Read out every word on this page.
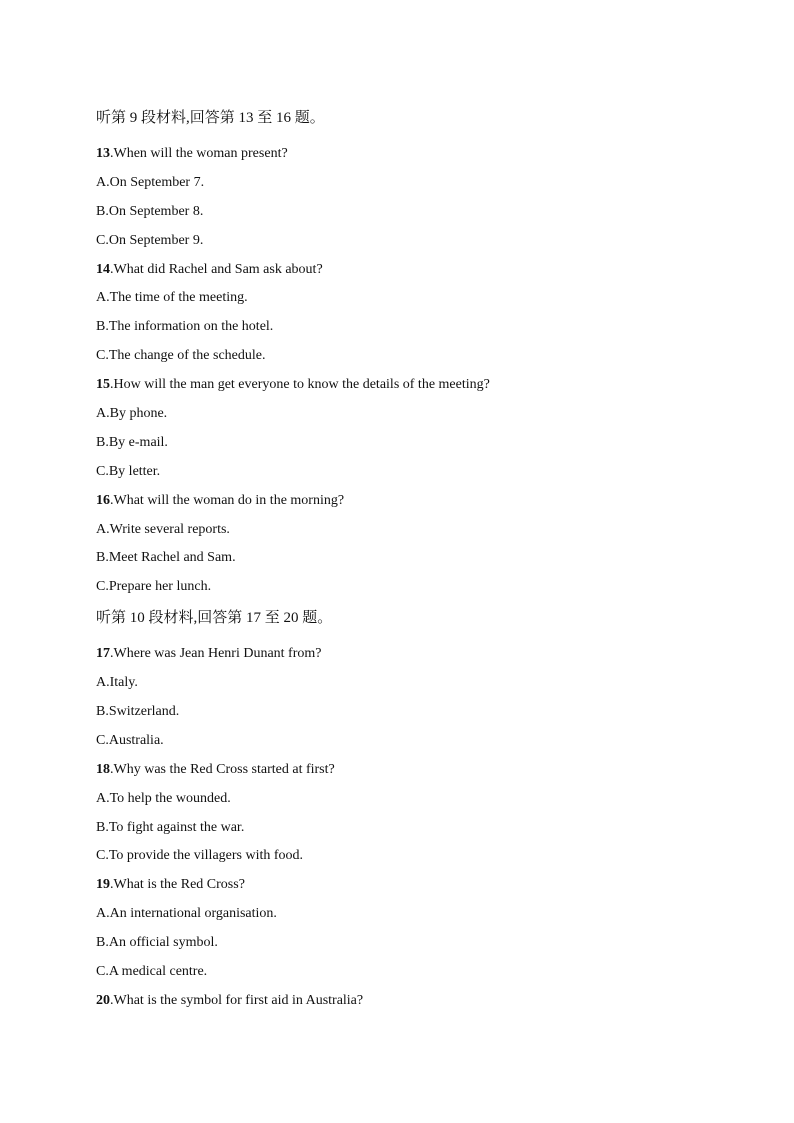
听第 9 段材料,回答第 13 至 16 题。
13.When will the woman present?
A.On September 7.
B.On September 8.
C.On September 9.
14.What did Rachel and Sam ask about?
A.The time of the meeting.
B.The information on the hotel.
C.The change of the schedule.
15.How will the man get everyone to know the details of the meeting?
A.By phone.
B.By e-mail.
C.By letter.
16.What will the woman do in the morning?
A.Write several reports.
B.Meet Rachel and Sam.
C.Prepare her lunch.
听第 10 段材料,回答第 17 至 20 题。
17.Where was Jean Henri Dunant from?
A.Italy.
B.Switzerland.
C.Australia.
18.Why was the Red Cross started at first?
A.To help the wounded.
B.To fight against the war.
C.To provide the villagers with food.
19.What is the Red Cross?
A.An international organisation.
B.An official symbol.
C.A medical centre.
20.What is the symbol for first aid in Australia?
